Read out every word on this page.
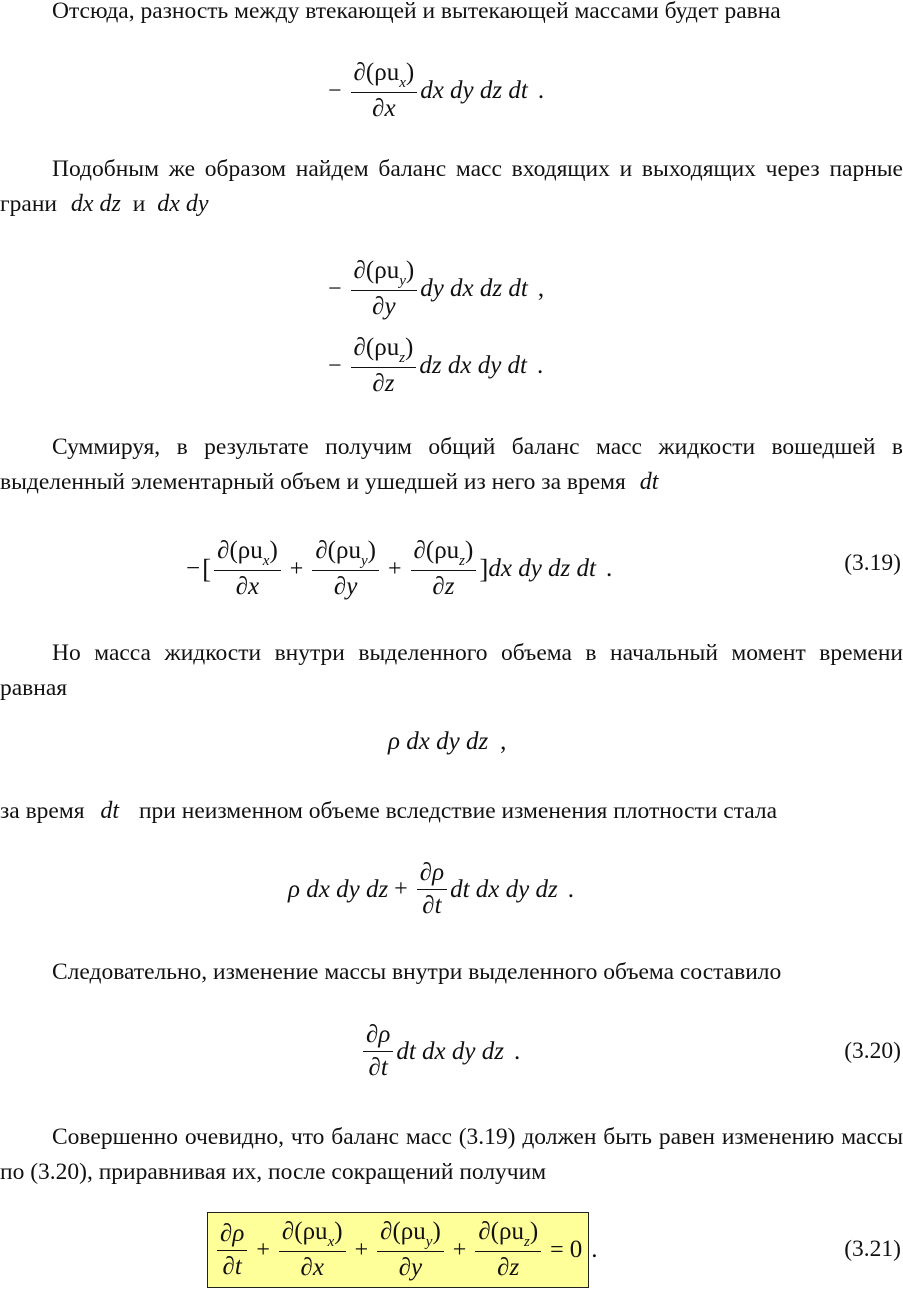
Отсюда, разность между втекающей и вытекающей массами будет равна

− $\frac{\partial(\rho u_x)}{\partial x}$ dx dy dz dt .

Подобным же образом найдем баланс масс входящих и выходящих через парные грани dx dz и dx dy

− $\frac{\partial(\rho u_y)}{\partial y}$ dy dx dz dt ,
− $\frac{\partial(\rho u_z)}{\partial z}$ dz dx dy dt .

Суммируя, в результате получим общий баланс масс жидкости вошедшей в выделенный элементарный объем и ушедшей из него за время dt

− [ $\frac{\partial(\rho u_x)}{\partial x} + \frac{\partial(\rho u_y)}{\partial y} + \frac{\partial(\rho u_z)}{\partial z}$ ] dx dy dz dt .	(3.19)

Но масса жидкости внутри выделенного объема в начальный момент времени равная

ρ dx dy dz ,

за время dt при неизменном объеме вследствие изменения плотности стала

ρ dx dy dz + $\frac{\partial\rho}{\partial t}$ dt dx dy dz .

Следовательно, изменение массы внутри выделенного объема составило

$\frac{\partial\rho}{\partial t}$ dt dx dy dz .	(3.20)

Совершенно очевидно, что баланс масс (3.19) должен быть равен изменению массы по (3.20), приравнивая их, после сокращений получим

$\frac{\partial\rho}{\partial t} + \frac{\partial(\rho u_x)}{\partial x} + \frac{\partial(\rho u_y)}{\partial y} + \frac{\partial(\rho u_z)}{\partial z} = 0$ .	(3.21)
